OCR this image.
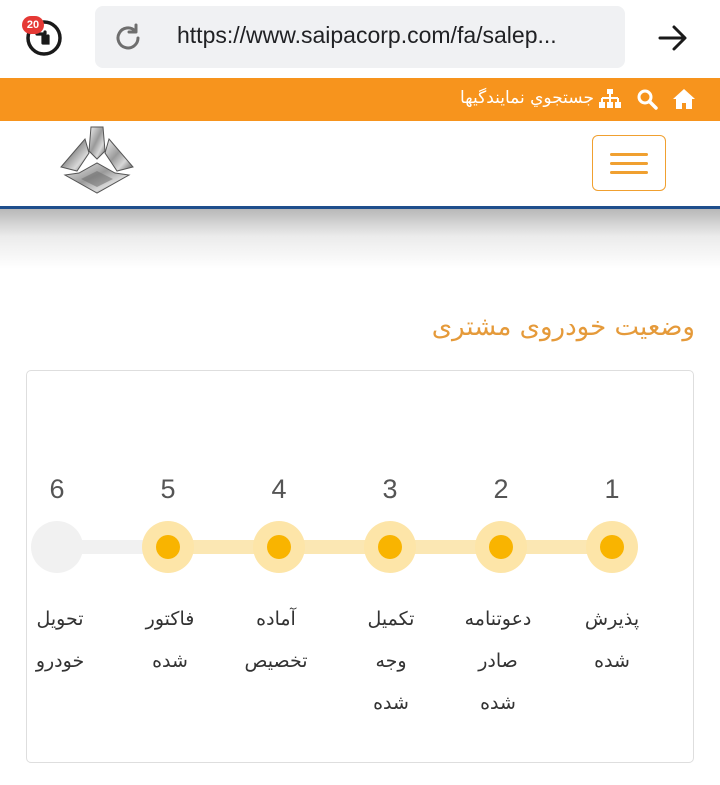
20	https://www.saipacorp.com/fa/salep...
جستجوي نمايندگيها
وضعیت خودروی مشتری
1
2
3
4
5
6
پذیرش
شده
دعوتنامه
صادر
شده
تکمیل
وجه
شده
آماده
تخصیص
فاکتور
شده
تحویل
خودرو
